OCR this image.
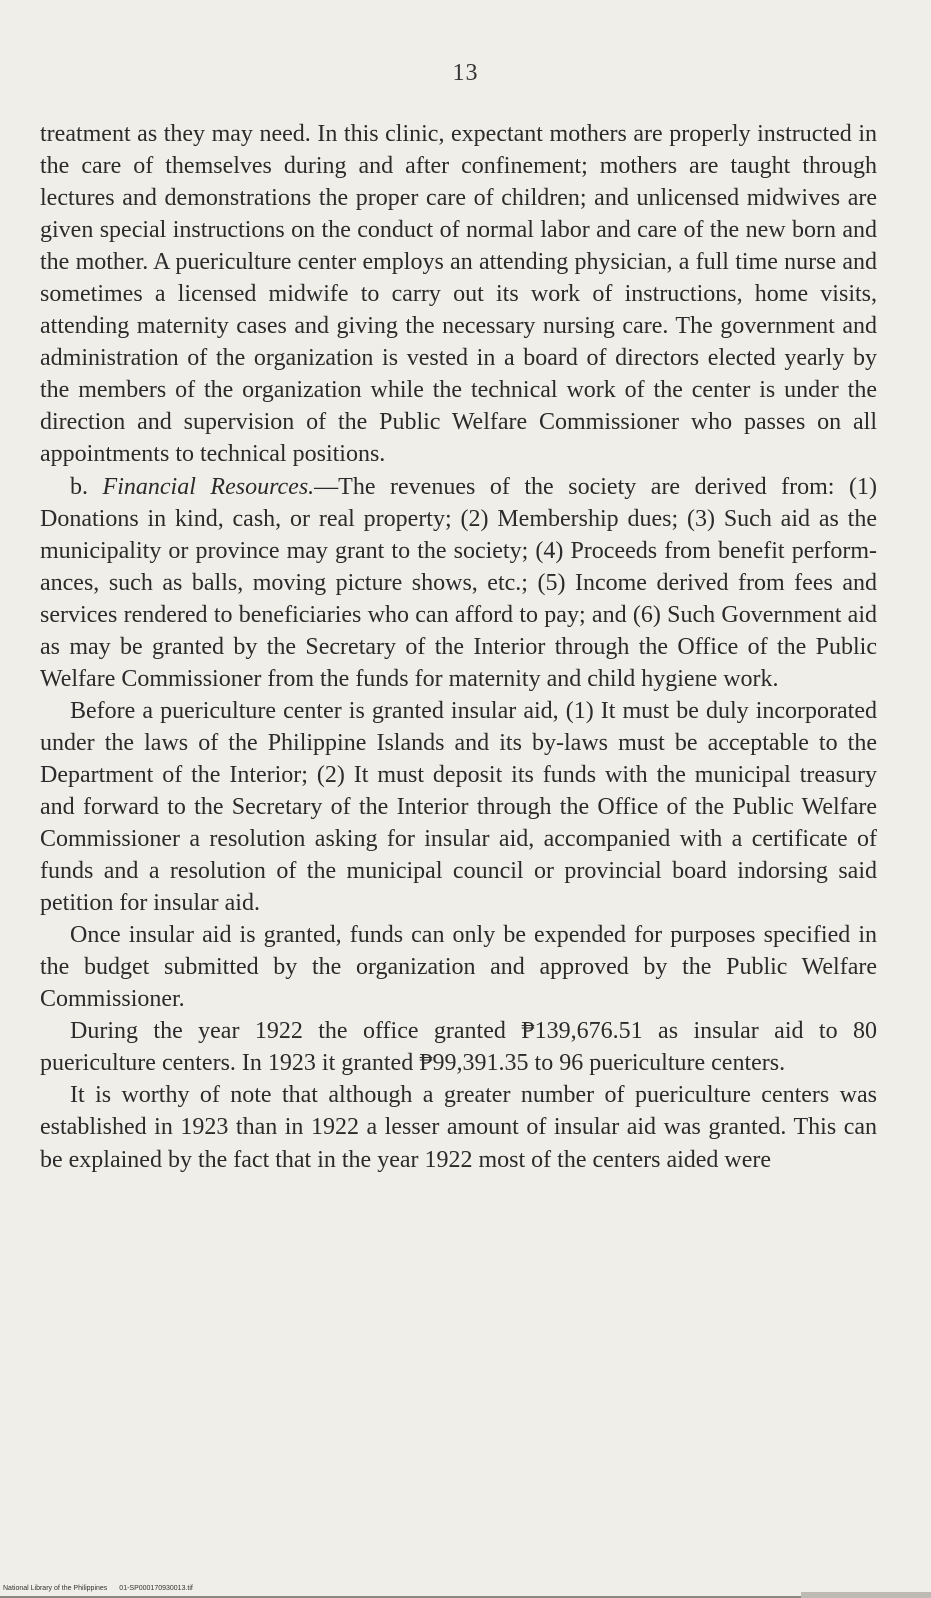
13

treatment as they may need. In this clinic, expectant mothers are properly instructed in the care of themselves during and after confinement; mothers are taught through lectures and demonstrations the proper care of children; and unlicensed midwives are given special instructions on the conduct of normal labor and care of the new born and the mother. A puericulture center employs an attending physician, a full time nurse and sometimes a licensed midwife to carry out its work of instructions, home visits, attending maternity cases and giving the necessary nursing care. The government and administration of the organization is vested in a board of directors elected yearly by the members of the organization while the technical work of the center is under the direction and supervision of the Public Welfare Commissioner who passes on all appointments to technical positions.

b. Financial Resources.—The revenues of the society are derived from: (1) Donations in kind, cash, or real property; (2) Membership dues; (3) Such aid as the municipality or province may grant to the society; (4) Proceeds from benefit performances, such as balls, moving picture shows, etc.; (5) Income derived from fees and services rendered to beneficiaries who can afford to pay; and (6) Such Government aid as may be granted by the Secretary of the Interior through the Office of the Public Welfare Commissioner from the funds for maternity and child hygiene work.

Before a puericulture center is granted insular aid, (1) It must be duly incorporated under the laws of the Philippine Islands and its by-laws must be acceptable to the Department of the Interior; (2) It must deposit its funds with the municipal treasury and forward to the Secretary of the Interior through the Office of the Public Welfare Commissioner a resolution asking for insular aid, accompanied with a certificate of funds and a resolution of the municipal council or provincial board indorsing said petition for insular aid.

Once insular aid is granted, funds can only be expended for purposes specified in the budget submitted by the organization and approved by the Public Welfare Commissioner.

During the year 1922 the office granted ₱139,676.51 as insular aid to 80 puericulture centers. In 1923 it granted ₱99,391.35 to 96 puericulture centers.

It is worthy of note that although a greater number of puericulture centers was established in 1923 than in 1922 a lesser amount of insular aid was granted. This can be explained by the fact that in the year 1922 most of the centers aided were

National Library of the Philippines 01-SP000170930013.tif
